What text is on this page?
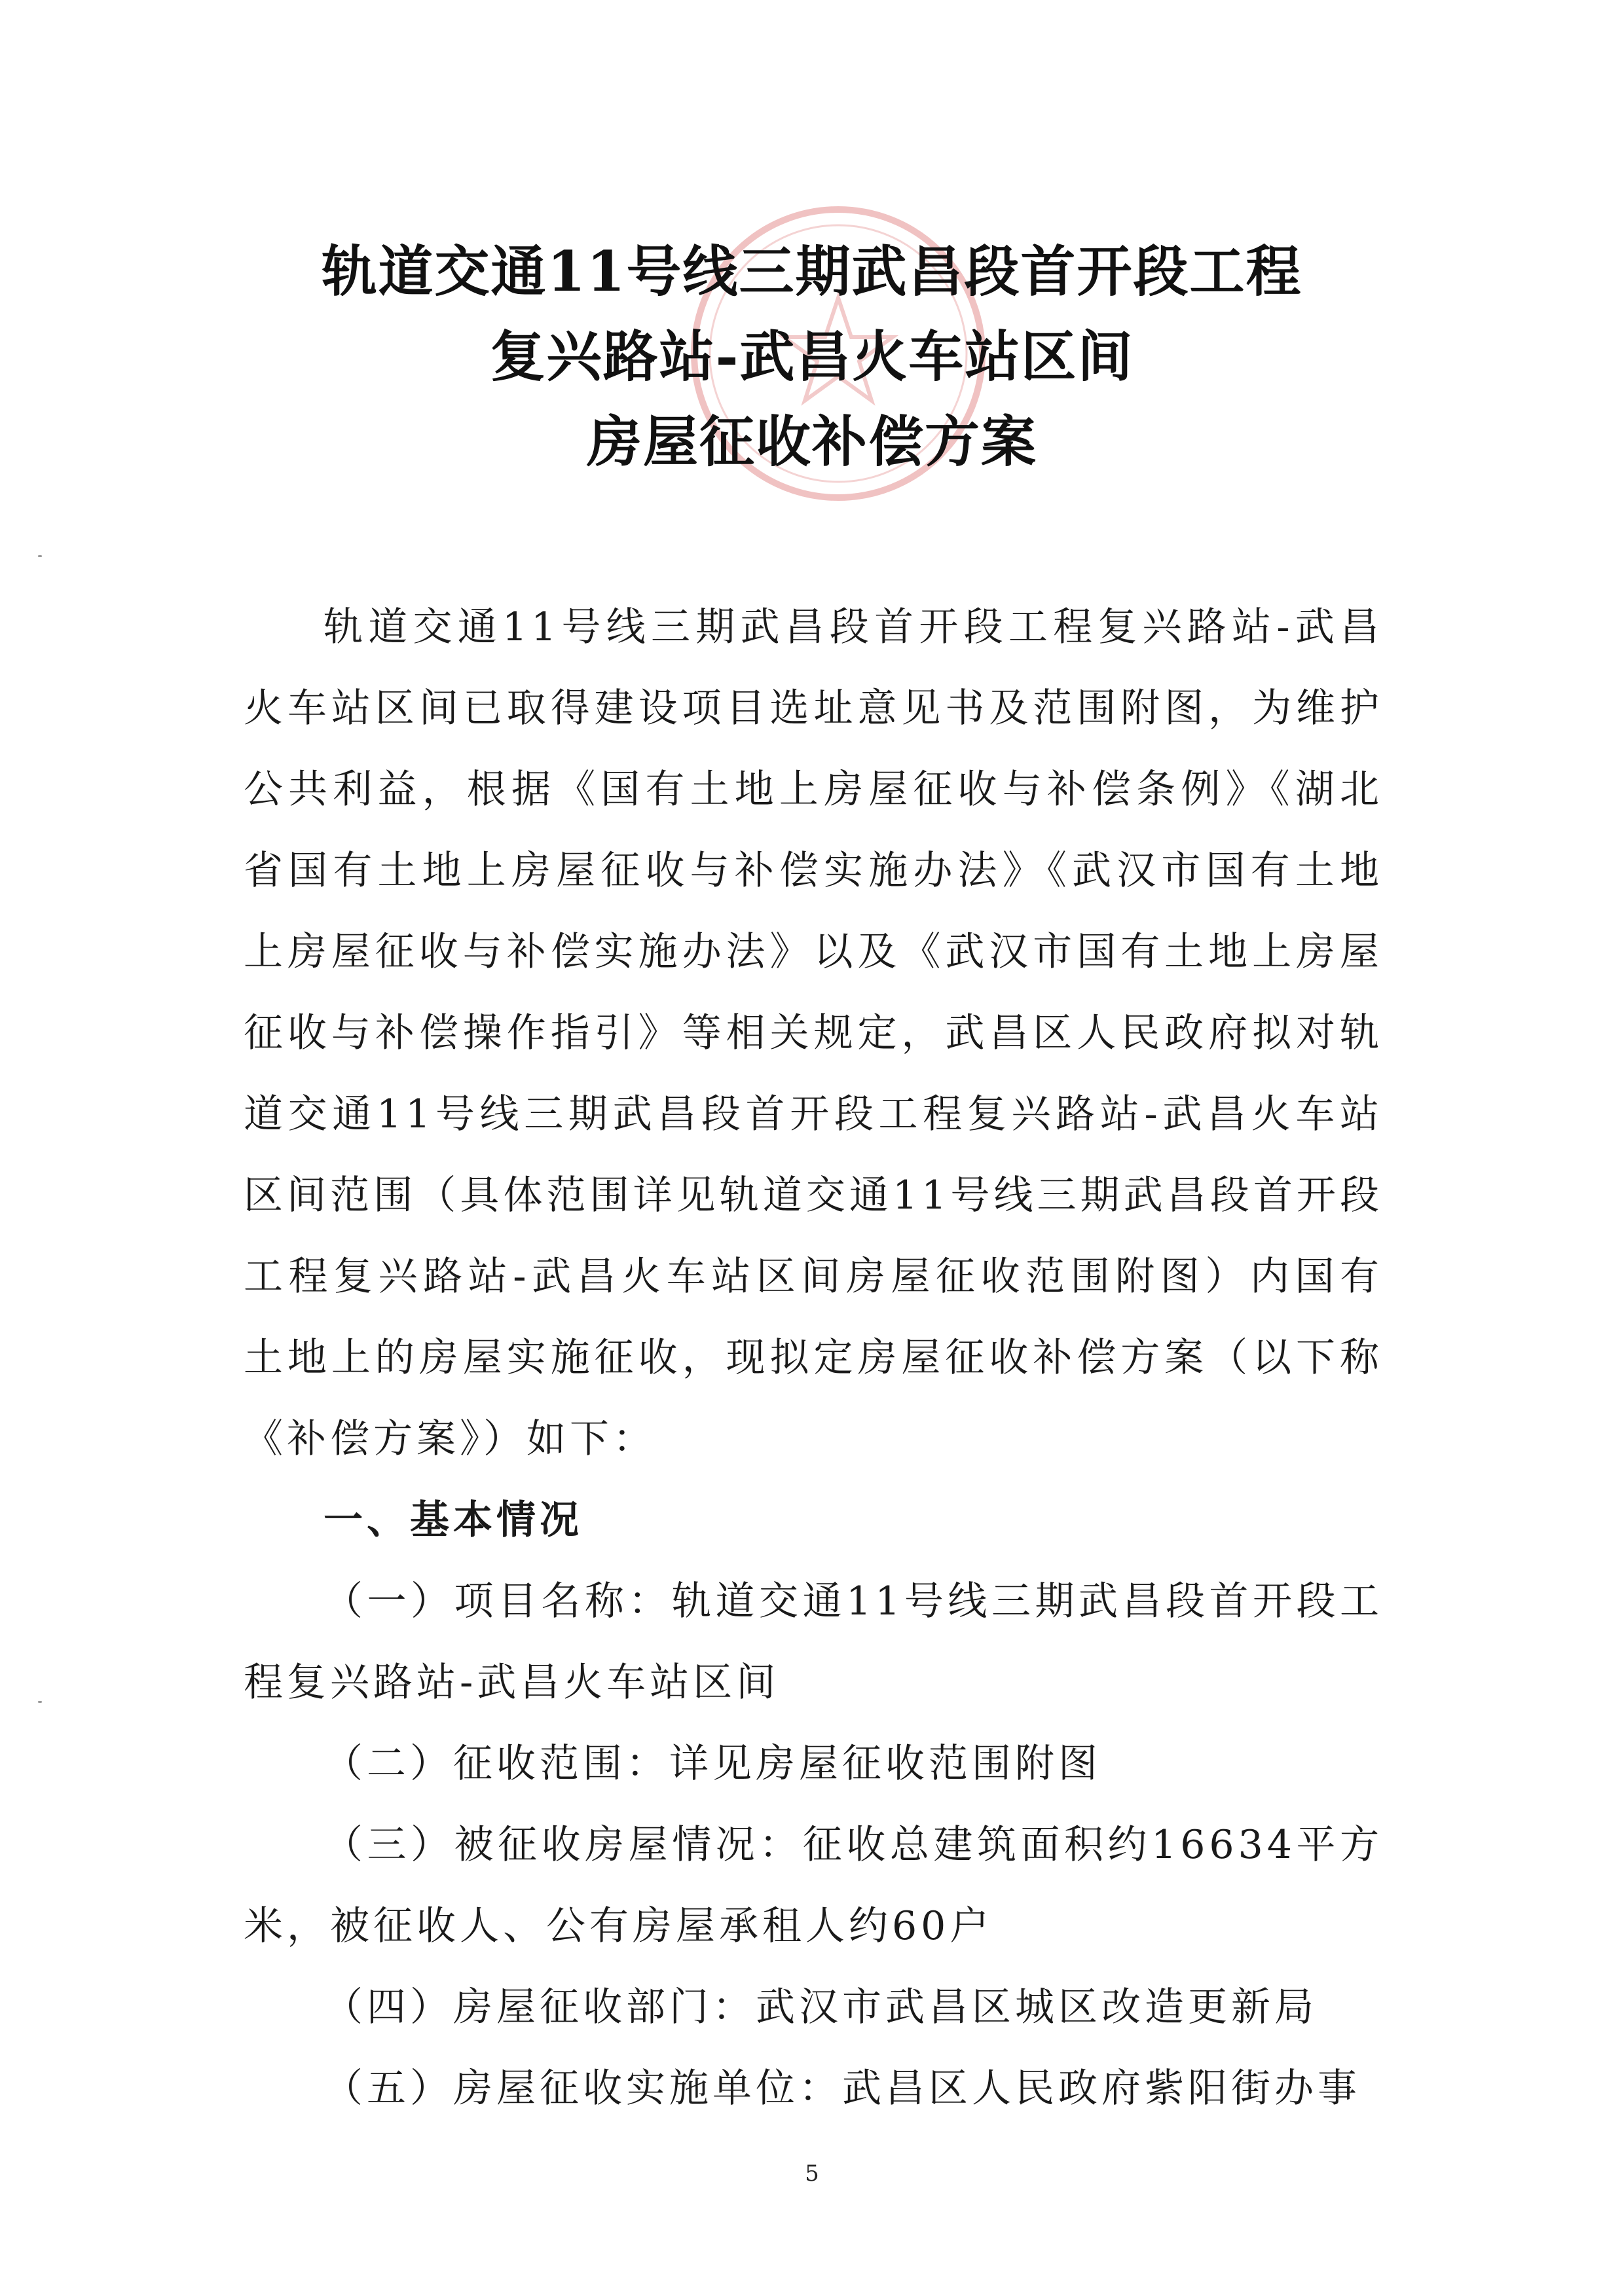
轨道交通11号线三期武昌段首开段工程
复兴路站-武昌火车站区间
房屋征收补偿方案

轨道交通11号线三期武昌段首开段工程复兴路站-武昌火车站区间已取得建设项目选址意见书及范围附图，为维护公共利益，根据《国有土地上房屋征收与补偿条例》《湖北省国有土地上房屋征收与补偿实施办法》《武汉市国有土地上房屋征收与补偿实施办法》以及《武汉市国有土地上房屋征收与补偿操作指引》等相关规定，武昌区人民政府拟对轨道交通11号线三期武昌段首开段工程复兴路站-武昌火车站区间范围（具体范围详见轨道交通11号线三期武昌段首开段工程复兴路站-武昌火车站区间房屋征收范围附图）内国有土地上的房屋实施征收，现拟定房屋征收补偿方案（以下称《补偿方案》）如下：

一、基本情况

（一）项目名称：轨道交通11号线三期武昌段首开段工程复兴路站-武昌火车站区间

（二）征收范围：详见房屋征收范围附图

（三）被征收房屋情况：征收总建筑面积约16634平方米，被征收人、公有房屋承租人约60户

（四）房屋征收部门：武汉市武昌区城区改造更新局

（五）房屋征收实施单位：武昌区人民政府紫阳街办事

5
